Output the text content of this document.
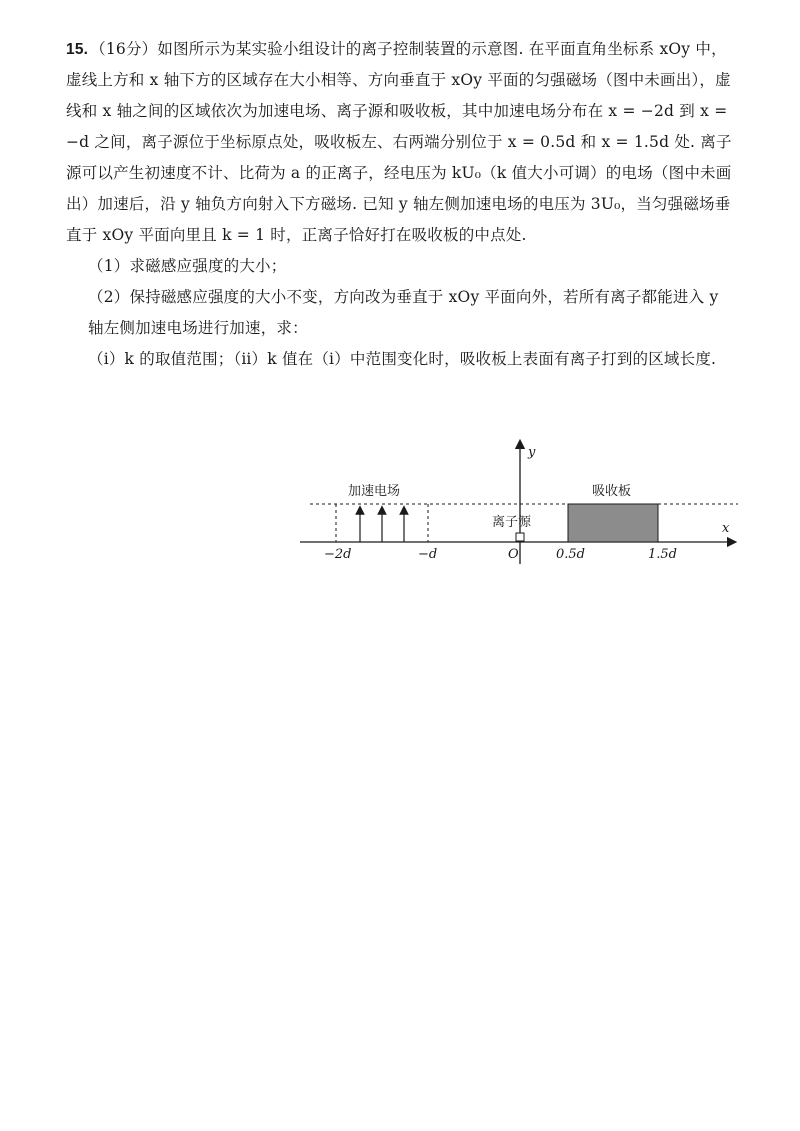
15. （16分）如图所示为某实验小组设计的离子控制装置的示意图. 在平面直角坐标系 xOy 中，虚线上方和 x 轴下方的区域存在大小相等、方向垂直于 xOy 平面的匀强磁场（图中未画出），虚线和 x 轴之间的区域依次为加速电场、离子源和吸收板，其中加速电场分布在 x = −2d 到 x = −d 之间，离子源位于坐标原点处，吸收板左、右两端分别位于 x = 0.5d 和 x = 1.5d 处. 离子源可以产生初速度不计、比荷为 a 的正离子，经电压为 kU₀（k 值大小可调）的电场（图中未画出）加速后，沿 y 轴负方向射入下方磁场. 已知 y 轴左侧加速电场的电压为 3U₀，当匀强磁场垂直于 xOy 平面向里且 k = 1 时，正离子恰好打在吸收板的中点处.

（1）求磁感应强度的大小；

（2）保持磁感应强度的大小不变，方向改为垂直于 xOy 平面向外，若所有离子都能进入 y 轴左侧加速电场进行加速，求：

（ⅰ）k 的取值范围；（ⅱ）k 值在（ⅰ）中范围变化时，吸收板上表面有离子打到的区域长度.

x
y
加速电场
离子源
吸收板
−2d	−d	O	0.5d	1.5d
